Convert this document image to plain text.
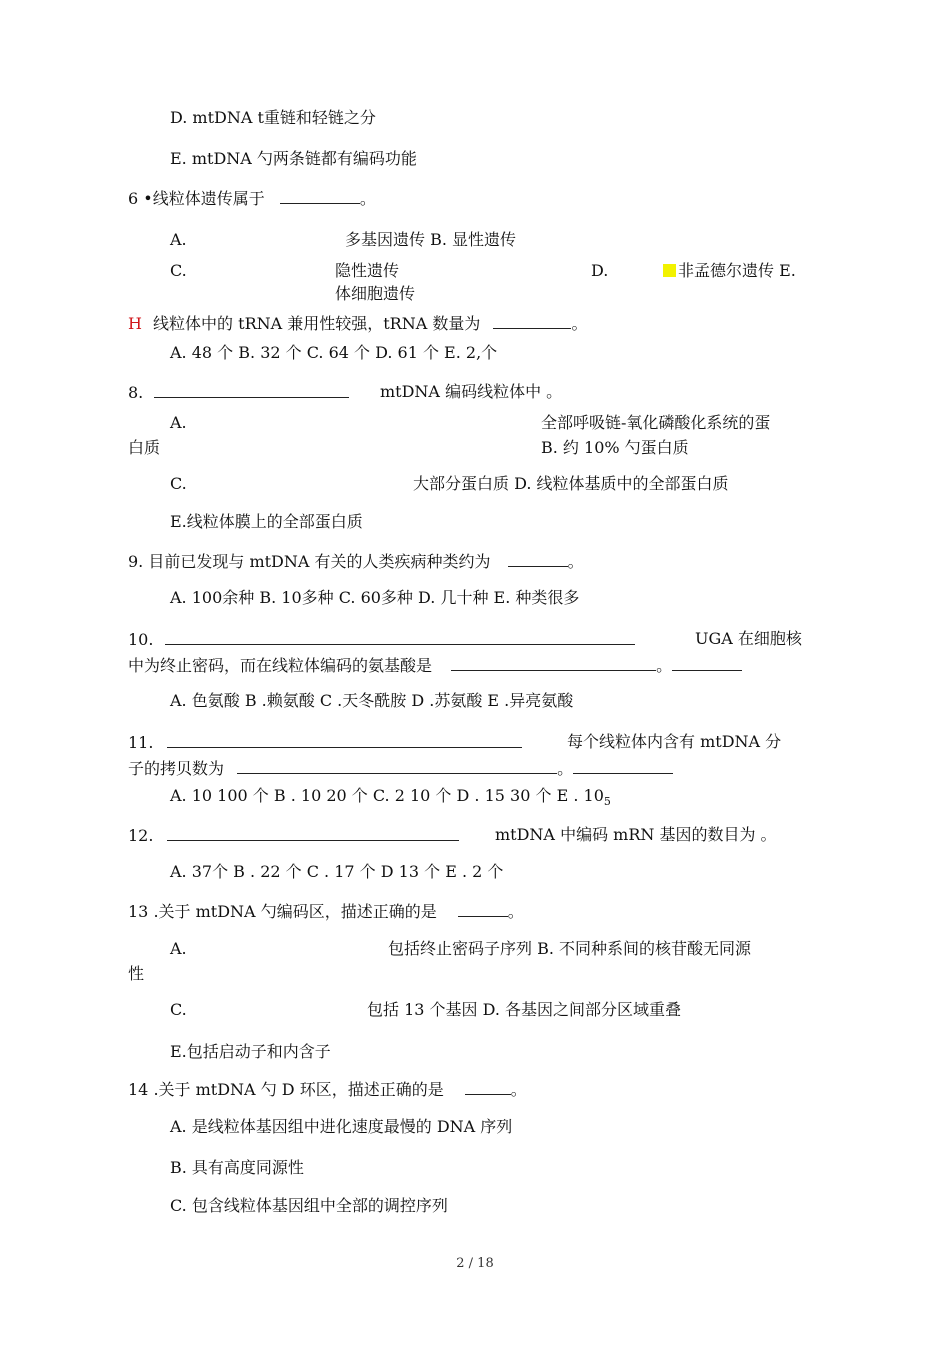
D. mtDNA t重链和轻链之分
E. mtDNA 勺两条链都有编码功能
6 •线粒体遗传属于	。
A.	多基因遗传 B. 显性遗传
C.	隐性遗传
体细胞遗传
D.	非孟德尔遗传 E.
H 线粒体中的 tRNA 兼用性较强，tRNA 数量为	。
A. 48 个 B. 32 个 C. 64 个 D. 61 个 E. 2,个
8.	mtDNA 编码线粒体中 。
A.	全部呼吸链-氧化磷酸化系统的蛋
白质	B. 约 10% 勺蛋白质
C.	大部分蛋白质 D. 线粒体基质中的全部蛋白质
E.线粒体膜上的全部蛋白质
9. 目前已发现与 mtDNA 有关的人类疾病种类约为	。
A. 100余种 B. 10多种 C. 60多种 D. 几十种 E. 种类很多
10.	UGA 在细胞核
中为终止密码，而在线粒体编码的氨基酸是	。
A. 色氨酸 B .赖氨酸 C .天冬酰胺 D .苏氨酸 E .异亮氨酸
11.	每个线粒体内含有 mtDNA 分
子的拷贝数为	。
A. 10 100 个 B . 10 20 个 C. 2 10 个 D . 15 30 个 E . $10_5$
12.	mtDNA 中编码 mRN 基因的数目为 。
A. 37个 B . 22 个 C . 17 个 D 13 个 E . 2 个
13 .关于 mtDNA 勺编码区，描述正确的是	。
A.	包括终止密码子序列 B. 不同种系间的核苷酸无同源
性
C.	包括 13 个基因 D. 各基因之间部分区域重叠
E.包括启动子和内含子
14 .关于 mtDNA 勺 D 环区，描述正确的是	。
A. 是线粒体基因组中进化速度最慢的 DNA 序列
B. 具有高度同源性
C. 包含线粒体基因组中全部的调控序列
2 / 18
